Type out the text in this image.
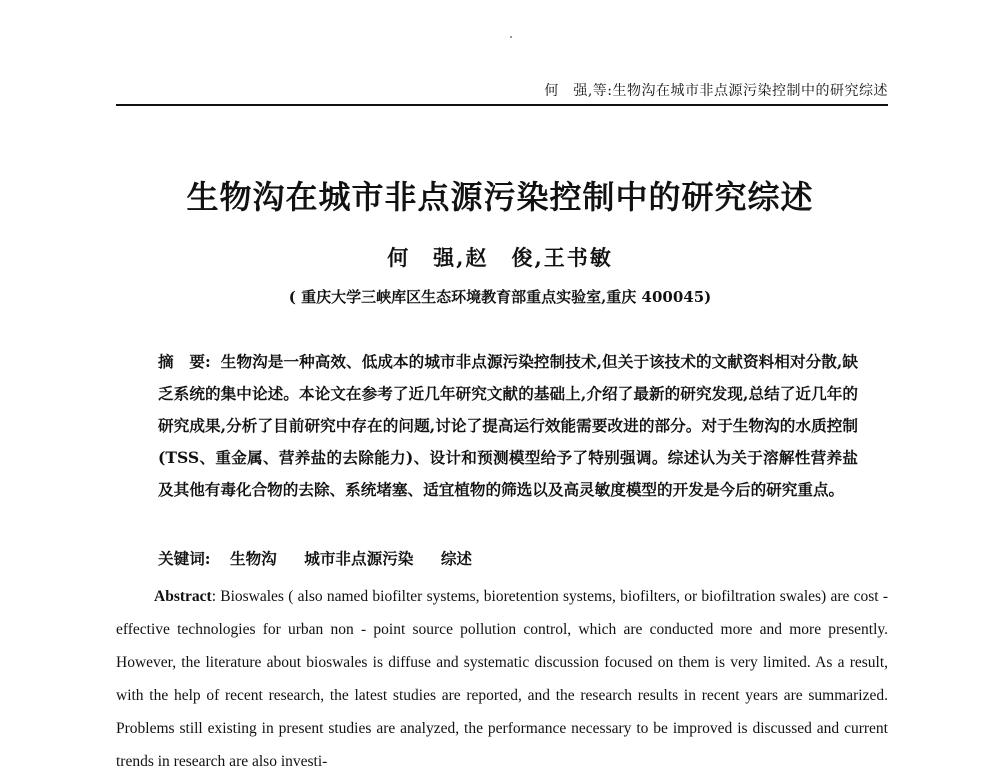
何　强,等:生物沟在城市非点源污染控制中的研究综述
生物沟在城市非点源污染控制中的研究综述
何　强,赵　俊,王书敏
( 重庆大学三峡库区生态环境教育部重点实验室,重庆 400045)
摘　要: 生物沟是一种高效、低成本的城市非点源污染控制技术,但关于该技术的文献资料相对分散,缺乏系统的集中论述。本论文在参考了近几年研究文献的基础上,介绍了最新的研究发现,总结了近几年的研究成果,分析了目前研究中存在的问题,讨论了提高运行效能需要改进的部分。对于生物沟的水质控制(TSS、重金属、营养盐的去除能力)、设计和预测模型给予了特别强调。综述认为关于溶解性营养盐及其他有毒化合物的去除、系统堵塞、适宜植物的筛选以及高灵敏度模型的开发是今后的研究重点。
关键词: 生物沟 城市非点源污染 综述
Abstract: Bioswales ( also named biofilter systems, bioretention systems, biofilters, or biofiltration swales) are cost - effective technologies for urban non - point source pollution control, which are conducted more and more presently. However, the literature about bioswales is diffuse and systematic discussion focused on them is very limited. As a result, with the help of recent research, the latest studies are reported, and the research results in recent years are summarized. Problems still existing in present studies are analyzed, the performance necessary to be improved is discussed and current trends in research are also investi-
